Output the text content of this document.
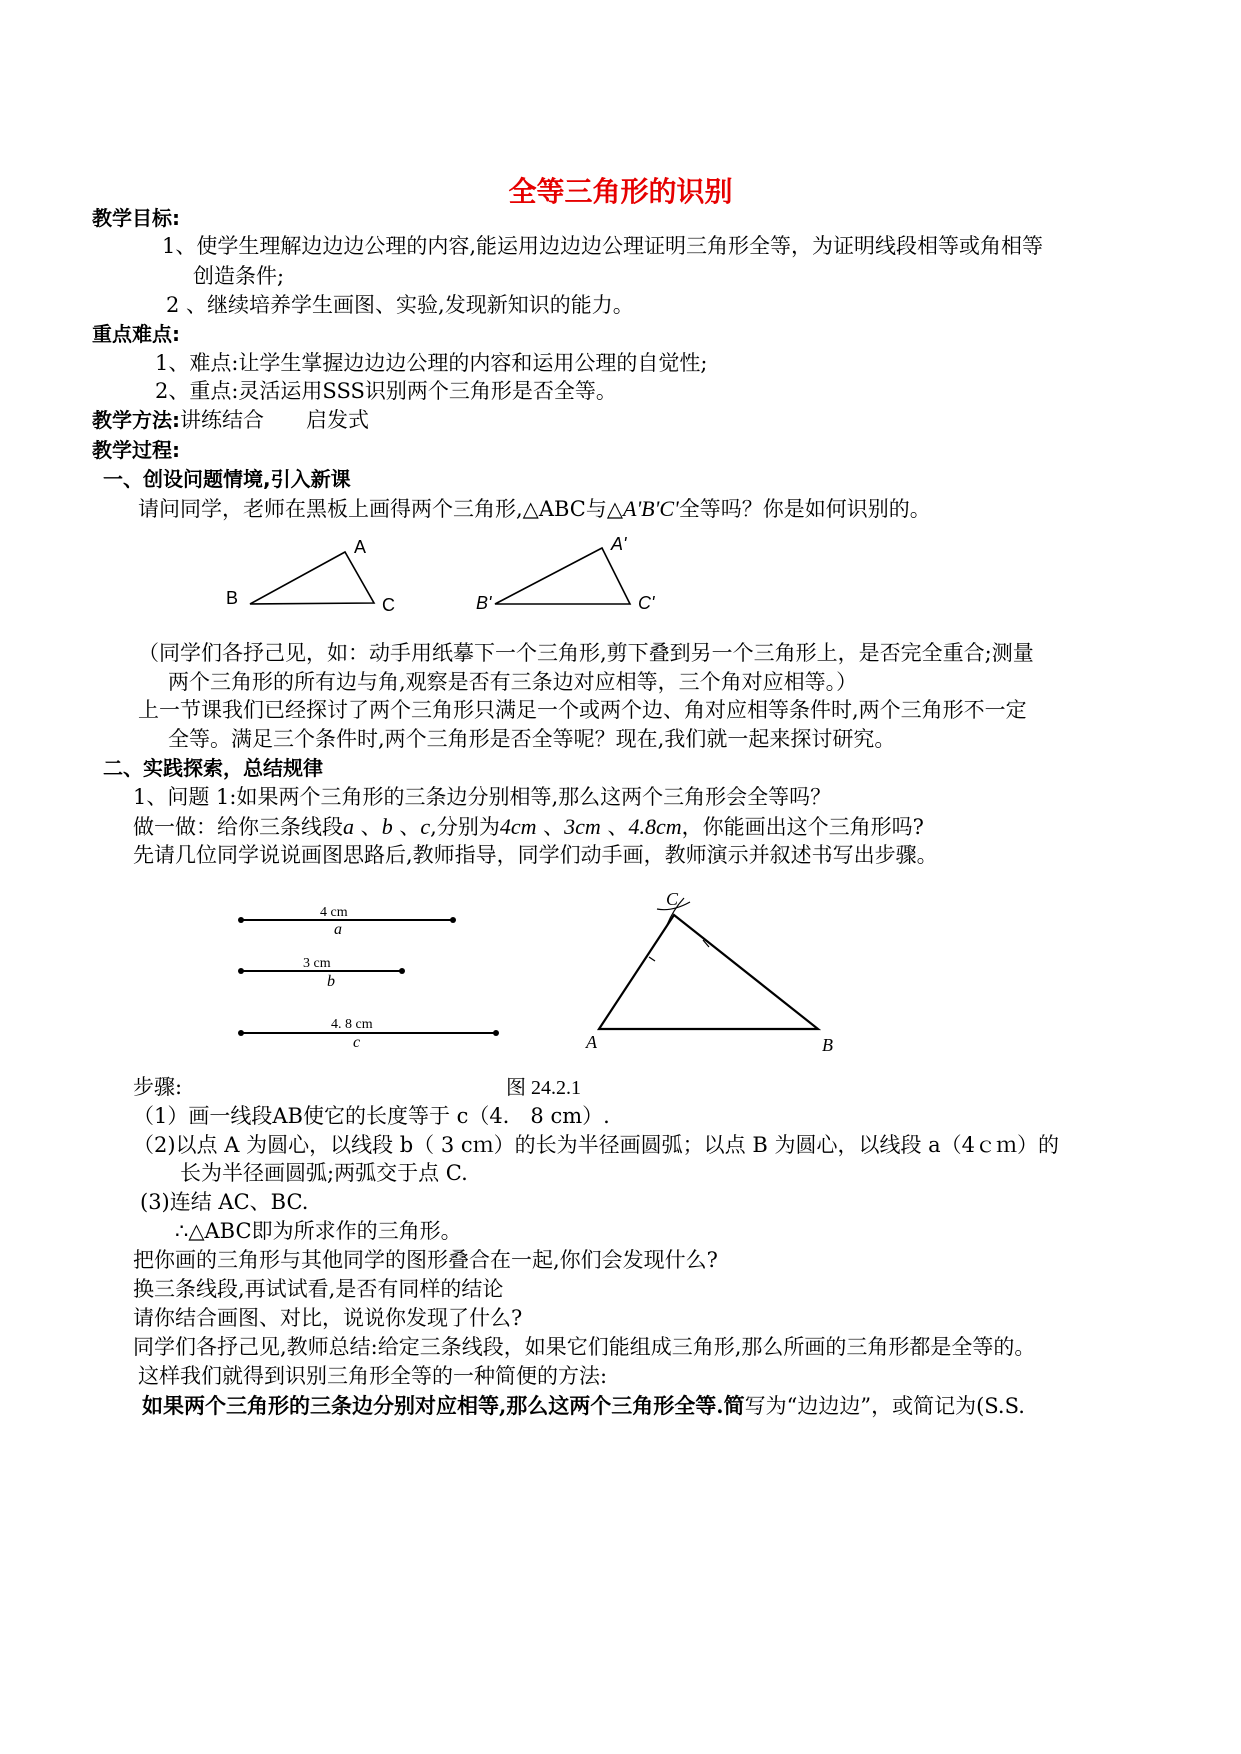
全等三角形的识别
教学目标:
1、使学生理解边边边公理的内容,能运用边边边公理证明三角形全等，为证明线段相等或角相等
创造条件;
2 、继续培养学生画图、实验,发现新知识的能力。
重点难点:
1、难点:让学生掌握边边边公理的内容和运用公理的自觉性;
2、重点:灵活运用SSS识别两个三角形是否全等。
教学方法:讲练结合　　启发式
教学过程:
一、创设问题情境,引入新课
请问同学，老师在黑板上画得两个三角形,△ABC与△A'B'C'全等吗？你是如何识别的。
A
B	C
A'
B'	C'
（同学们各抒己见，如：动手用纸摹下一个三角形,剪下叠到另一个三角形上，是否完全重合;测量
两个三角形的所有边与角,观察是否有三条边对应相等，三个角对应相等。）
上一节课我们已经探讨了两个三角形只满足一个或两个边、角对应相等条件时,两个三角形不一定
全等。满足三个条件时,两个三角形是否全等呢？现在,我们就一起来探讨研究。
二、实践探索，总结规律
1、问题 1:如果两个三角形的三条边分别相等,那么这两个三角形会全等吗？
做一做：给你三条线段a 、b 、c,分别为4cm 、3cm 、4.8cm，你能画出这个三角形吗?
先请几位同学说说画图思路后,教师指导，同学们动手画，教师演示并叙述书写出步骤。
4 cm
a
3 cm
b
4. 8 cm
c
C
A	B
步骤:	图 24.2.1
（1）画一线段AB使它的长度等于 c（4． 8 cm）.
（2)以点 A 为圆心，以线段 b（ 3 cｍ）的长为半径画圆弧；以点 B 为圆心，以线段 a（4ｃｍ）的
长为半径画圆弧;两弧交于点 C.
(3)连结 AC、BC.
∴△ABC即为所求作的三角形。
把你画的三角形与其他同学的图形叠合在一起,你们会发现什么?
换三条线段,再试试看,是否有同样的结论
请你结合画图、对比，说说你发现了什么?
同学们各抒己见,教师总结:给定三条线段，如果它们能组成三角形,那么所画的三角形都是全等的。
这样我们就得到识别三角形全等的一种简便的方法:
如果两个三角形的三条边分别对应相等,那么这两个三角形全等.简写为“边边边”，或简记为(S.S.
